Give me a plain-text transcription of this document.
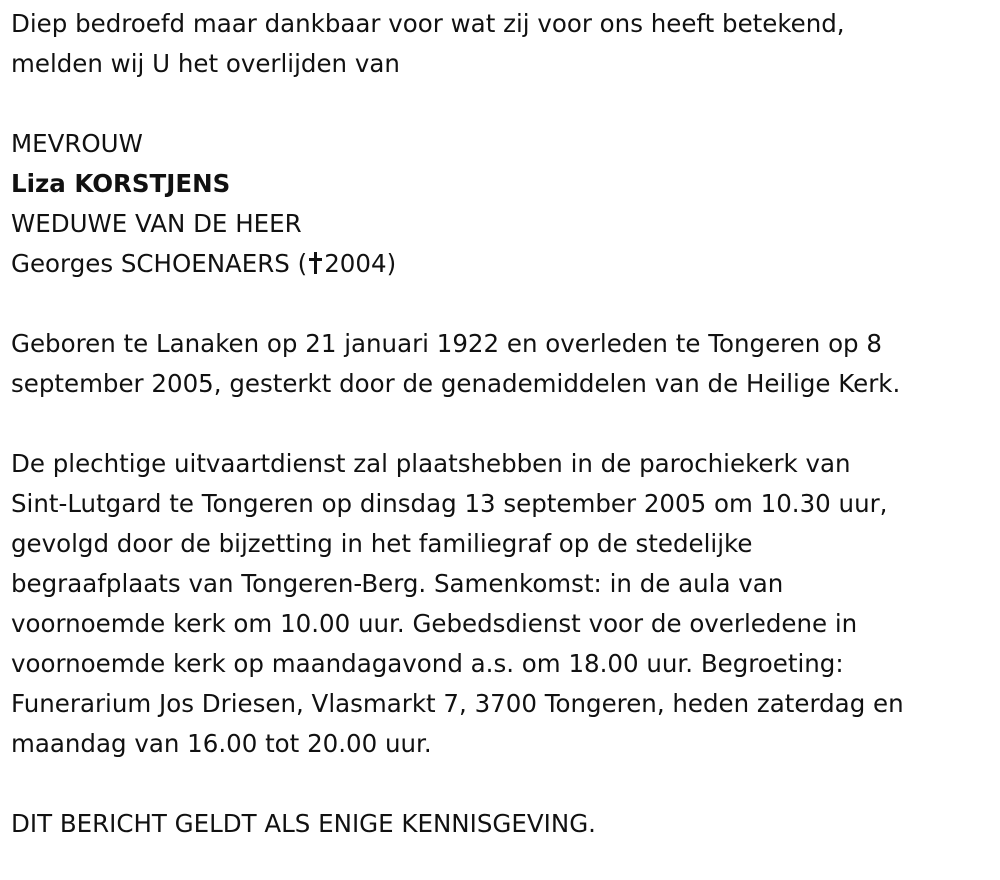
Diep bedroefd maar dankbaar voor wat zij voor ons heeft betekend,
melden wij U het overlijden van

MEVROUW
Liza KORSTJENS
WEDUWE VAN DE HEER
Georges SCHOENAERS ( 2004)

Geboren te Lanaken op 21 januari 1922 en overleden te Tongeren op 8
september 2005, gesterkt door de genademiddelen van de Heilige Kerk.

De plechtige uitvaartdienst zal plaatshebben in de parochiekerk van
Sint-Lutgard te Tongeren op dinsdag 13 september 2005 om 10.30 uur,
gevolgd door de bijzetting in het familiegraf op de stedelijke
begraafplaats van Tongeren-Berg. Samenkomst: in de aula van
voornoemde kerk om 10.00 uur. Gebedsdienst voor de overledene in
voornoemde kerk op maandagavond a.s. om 18.00 uur. Begroeting:
Funerarium Jos Driesen, Vlasmarkt 7, 3700 Tongeren, heden zaterdag en
maandag van 16.00 tot 20.00 uur.

DIT BERICHT GELDT ALS ENIGE KENNISGEVING.
